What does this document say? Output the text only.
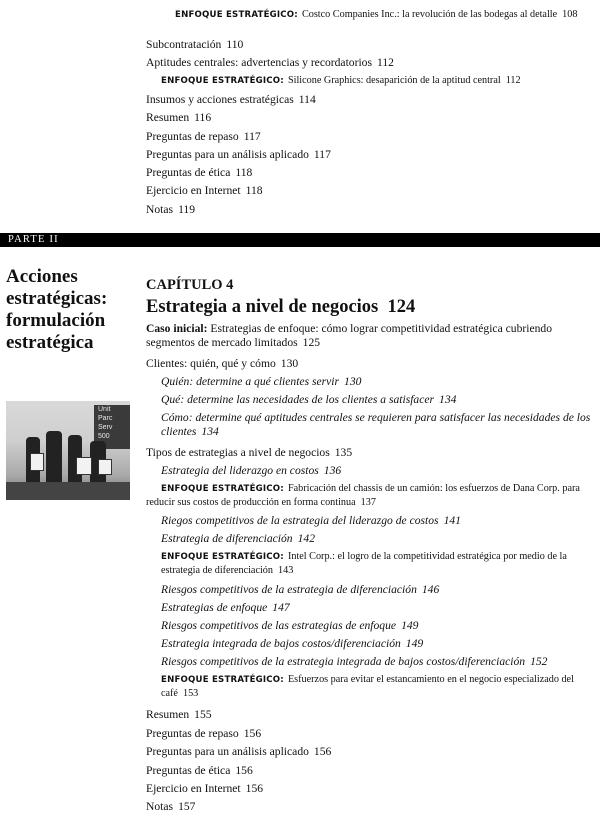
ENFOQUE ESTRATÉGICO: Costco Companies Inc.: la revolución de las bodegas al detalle 108
Subcontratación 110
Aptitudes centrales: advertencias y recordatorios 112
ENFOQUE ESTRATÉGICO: Silicone Graphics: desaparición de la aptitud central 112
Insumos y acciones estratégicas 114
Resumen 116
Preguntas de repaso 117
Preguntas para un análisis aplicado 117
Preguntas de ética 118
Ejercicio en Internet 118
Notas 119
PARTE II
Acciones estratégicas: formulación estratégica
Unit
Parc
Serv
500
CAPÍTULO 4
Estrategia a nivel de negocios 124
Caso inicial: Estrategias de enfoque: cómo lograr competitividad estratégica cubriendo segmentos de mercado limitados 125
Clientes: quién, qué y cómo 130
Quién: determine a qué clientes servir 130
Qué: determine las necesidades de los clientes a satisfacer 134
Cómo: determine qué aptitudes centrales se requieren para satisfacer las necesidades de los clientes 134
Tipos de estrategias a nivel de negocios 135
Estrategia del liderazgo en costos 136
ENFOQUE ESTRATÉGICO: Fabricación del chassis de un camión: los esfuerzos de Dana Corp. para reducir sus costos de producción en forma continua 137
Riegos competitivos de la estrategia del liderazgo de costos 141
Estrategia de diferenciación 142
ENFOQUE ESTRATÉGICO: Intel Corp.: el logro de la competitividad estratégica por medio de la estrategia de diferenciación 143
Riesgos competitivos de la estrategia de diferenciación 146
Estrategias de enfoque 147
Riesgos competitivos de las estrategias de enfoque 149
Estrategia integrada de bajos costos/diferenciación 149
Riesgos competitivos de la estrategia integrada de bajos costos/diferenciación 152
ENFOQUE ESTRATÉGICO: Esfuerzos para evitar el estancamiento en el negocio especializado del café 153
Resumen 155
Preguntas de repaso 156
Preguntas para un análisis aplicado 156
Preguntas de ética 156
Ejercicio en Internet 156
Notas 157
